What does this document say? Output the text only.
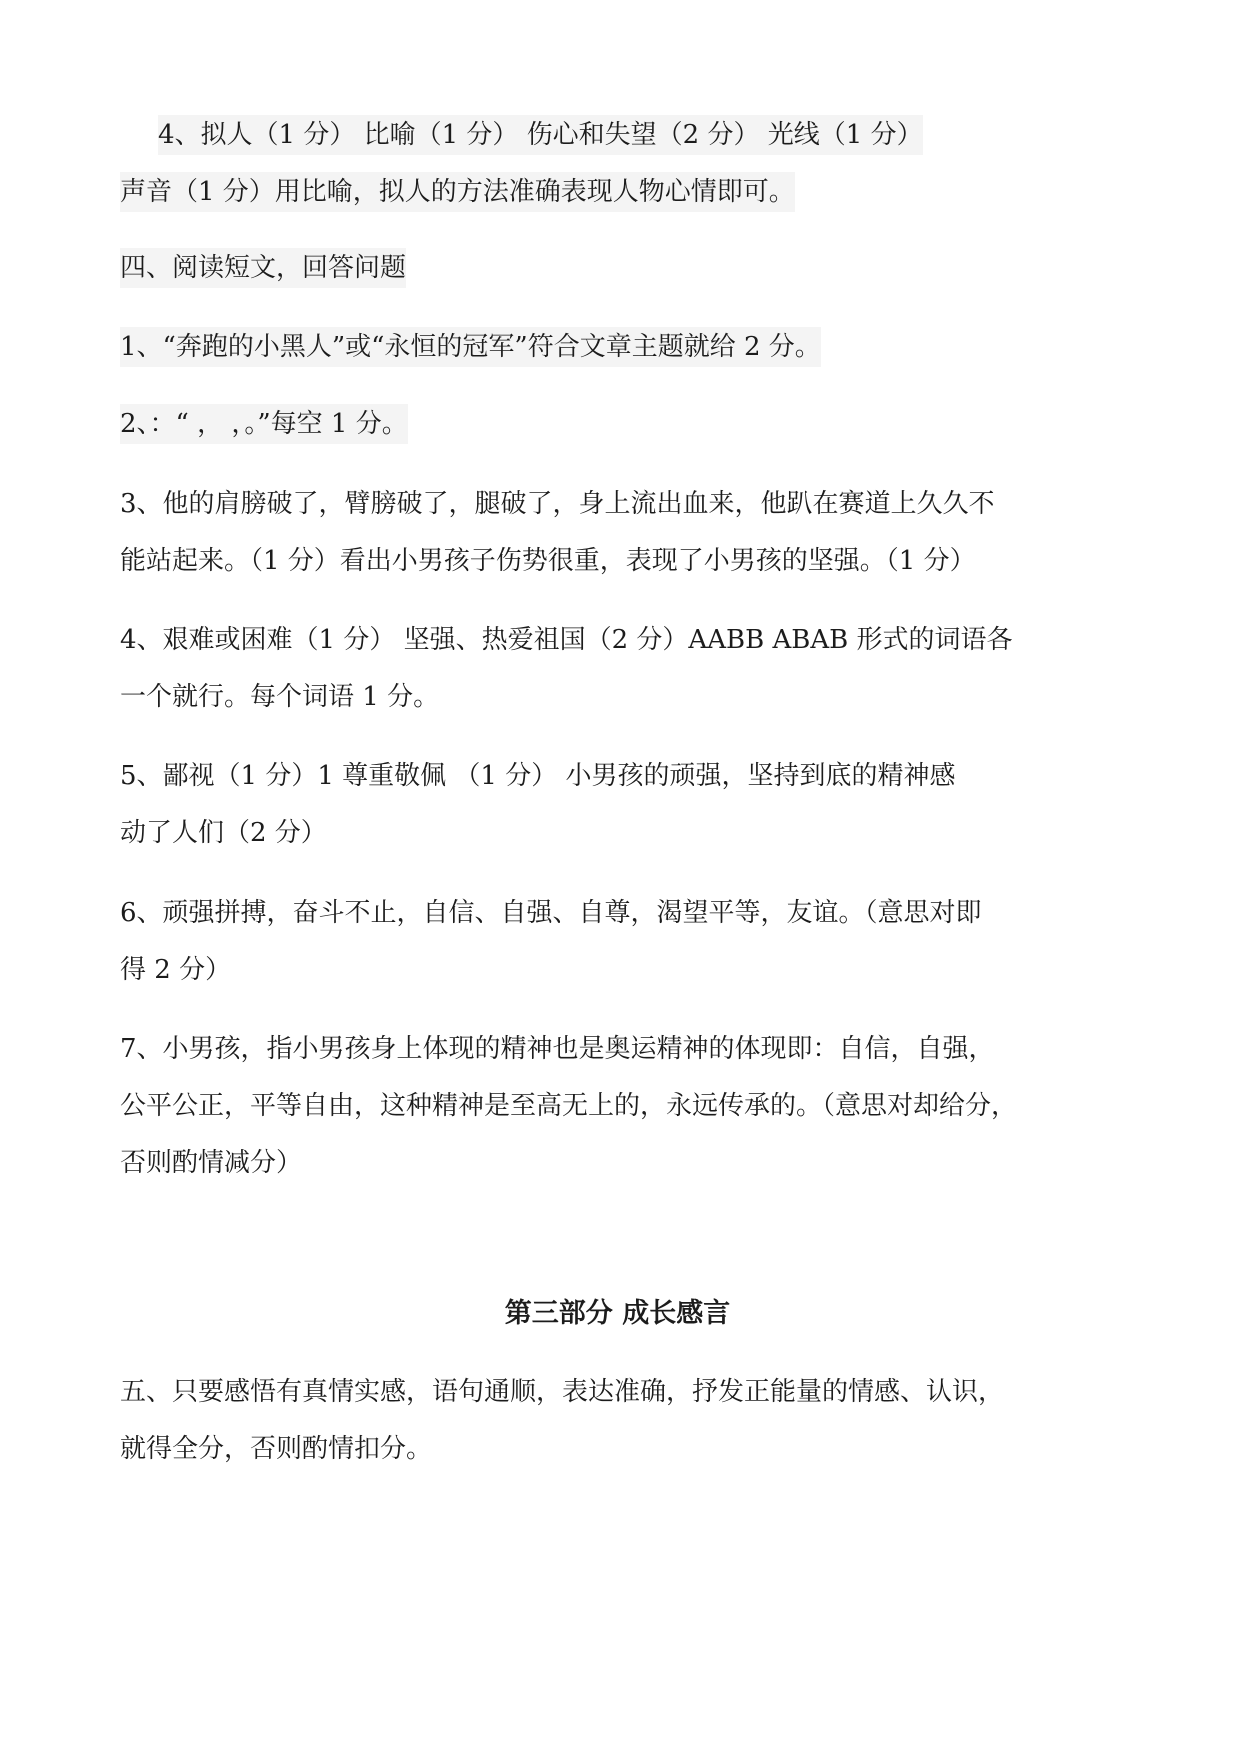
4、拟人（1 分） 比喻（1 分） 伤心和失望（2 分） 光线（1 分）
声音（1 分）用比喻，拟人的方法准确表现人物心情即可。
四、阅读短文，回答问题
1、“奔跑的小黑人”或“永恒的冠军”符合文章主题就给 2 分。
2、：“ ， ，。”每空 1 分。
3、他的肩膀破了，臂膀破了，腿破了，身上流出血来，他趴在赛道上久久不
能站起来。（1 分）看出小男孩子伤势很重，表现了小男孩的坚强。（1 分）
4、艰难或困难（1 分） 坚强、热爱祖国（2 分）AABB ABAB 形式的词语各
一个就行。每个词语 1 分。
5、鄙视（1 分）1 尊重敬佩 （1 分） 小男孩的顽强，坚持到底的精神感
动了人们（2 分）
6、顽强拼搏，奋斗不止，自信、自强、自尊，渴望平等，友谊。（意思对即
得 2 分）
7、小男孩，指小男孩身上体现的精神也是奥运精神的体现即：自信，自强，
公平公正，平等自由，这种精神是至高无上的，永远传承的。（意思对却给分，
否则酌情减分）
第三部分 成长感言
五、只要感悟有真情实感，语句通顺，表达准确，抒发正能量的情感、认识，
就得全分，否则酌情扣分。
